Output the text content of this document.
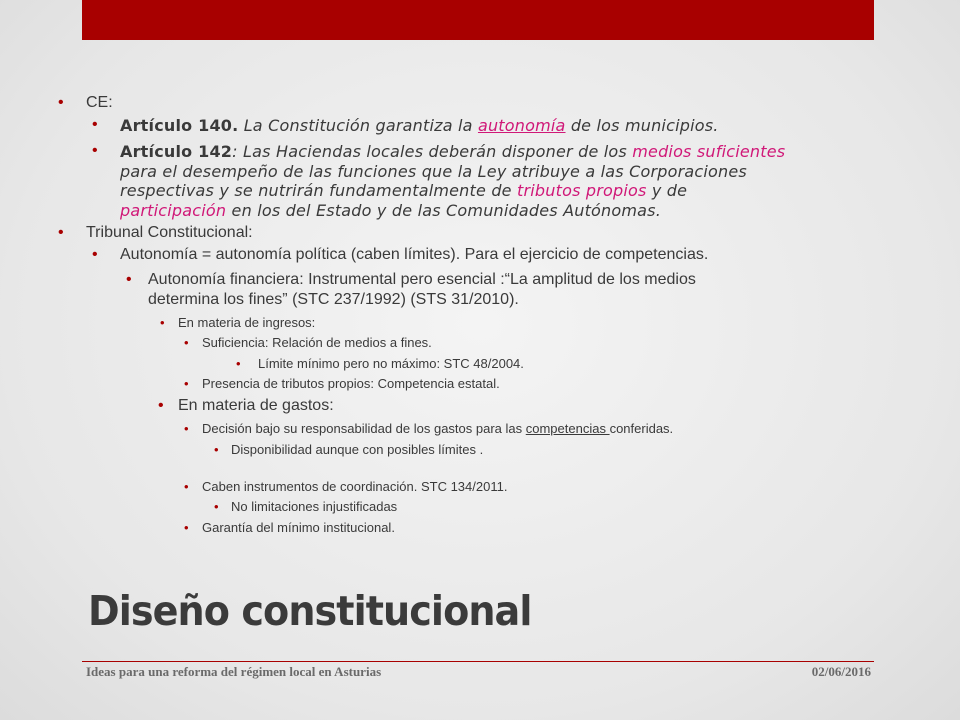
• CE:
• Artículo 140. La Constitución garantiza la autonomía de los municipios.
• Artículo 142: Las Haciendas locales deberán disponer de los medios suficientes
para el desempeño de las funciones que la Ley atribuye a las Corporaciones
respectivas y se nutrirán fundamentalmente de tributos propios y de
participación en los del Estado y de las Comunidades Autónomas.
• Tribunal Constitucional:
• Autonomía = autonomía política (caben límites). Para el ejercicio de competencias.
• Autonomía financiera: Instrumental pero esencial :“La amplitud de los medios
determina los fines” (STC 237/1992) (STS 31/2010).
• En materia de ingresos:
• Suficiencia: Relación de medios a fines.
• Límite mínimo pero no máximo: STC 48/2004.
• Presencia de tributos propios: Competencia estatal.
• En materia de gastos:
• Decisión bajo su responsabilidad de los gastos para las competencias conferidas.
• Disponibilidad aunque con posibles límites .
• Caben instrumentos de coordinación. STC 134/2011.
• No limitaciones injustificadas
• Garantía del mínimo institucional.
Diseño constitucional
Ideas para una reforma del régimen local en Asturias	02/06/2016
